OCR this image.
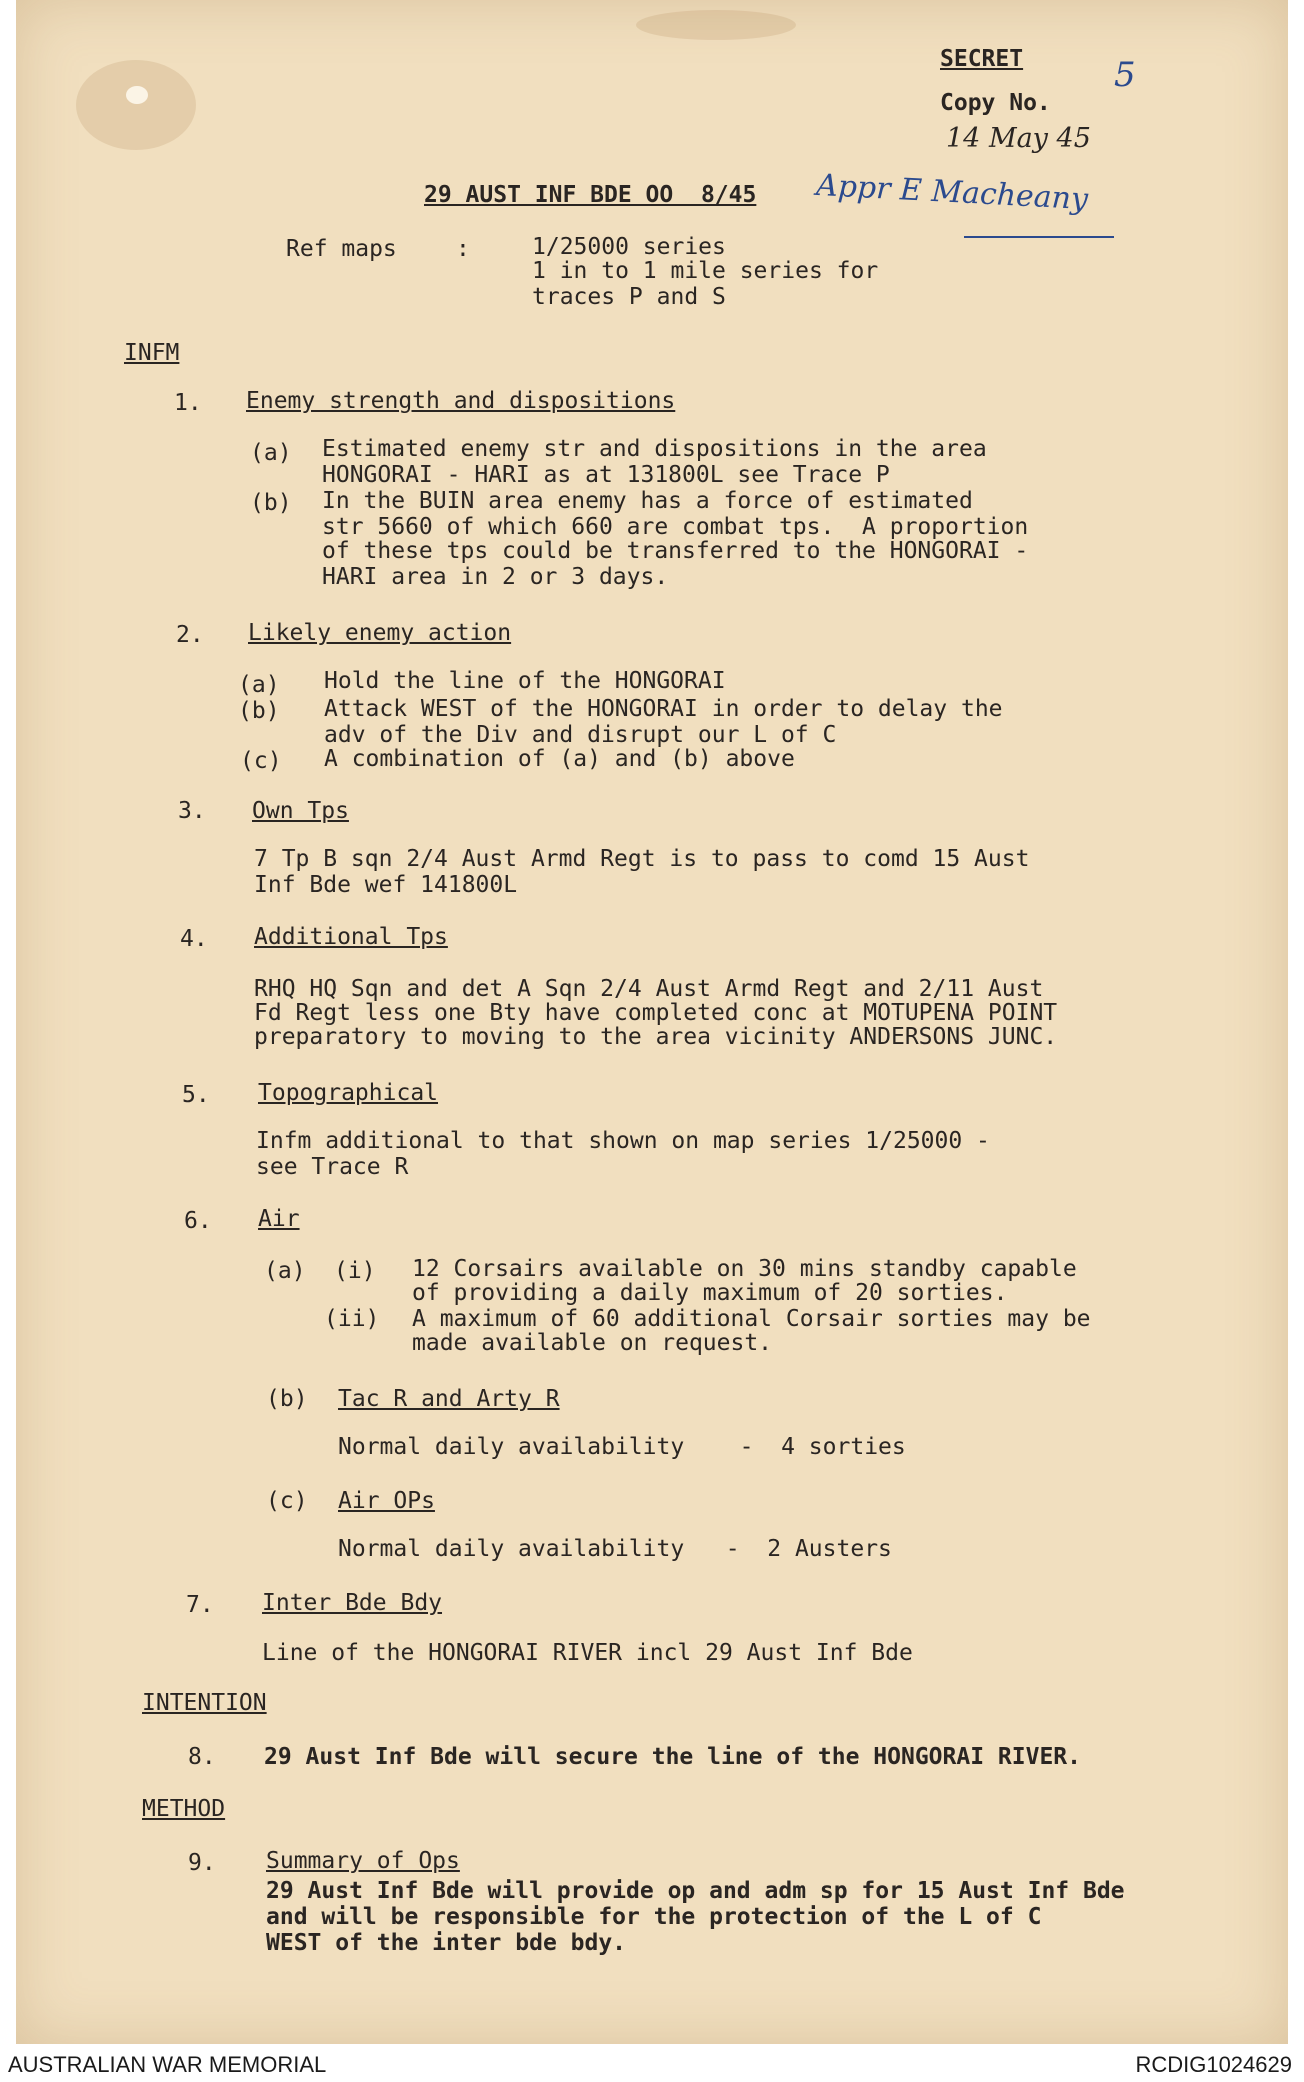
SECRET
Copy No.
5
14 May 45
29 AUST INF BDE OO  8/45 Appr E Macheany
Ref maps	:	1/25000 series
1 in to 1 mile series for
traces P and S
INFM
1. Enemy strength and dispositions
(a) Estimated enemy str and dispositions in the area
HONGORAI - HARI as at 131800L see Trace P
(b) In the BUIN area enemy has a force of estimated
str 5660 of which 660 are combat tps.  A proportion
of these tps could be transferred to the HONGORAI -
HARI area in 2 or 3 days.
2. Likely enemy action
(a) Hold the line of the HONGORAI
(b) Attack WEST of the HONGORAI in order to delay the
adv of the Div and disrupt our L of C
(c) A combination of (a) and (b) above
3. Own Tps
7 Tp B sqn 2/4 Aust Armd Regt is to pass to comd 15 Aust
Inf Bde wef 141800L
4. Additional Tps
RHQ HQ Sqn and det A Sqn 2/4 Aust Armd Regt and 2/11 Aust
Fd Regt less one Bty have completed conc at MOTUPENA POINT
preparatory to moving to the area vicinity ANDERSONS JUNC.
5. Topographical
Infm additional to that shown on map series 1/25000 -
see Trace R
6. Air
(a) (i) 12 Corsairs available on 30 mins standby capable
of providing a daily maximum of 20 sorties.
(ii) A maximum of 60 additional Corsair sorties may be
made available on request.
(b) Tac R and Arty R
Normal daily availability    -  4 sorties
(c) Air OPs
Normal daily availability   -  2 Austers
7. Inter Bde Bdy
Line of the HONGORAI RIVER incl 29 Aust Inf Bde
INTENTION
8. 29 Aust Inf Bde will secure the line of the HONGORAI RIVER.
METHOD
9. Summary of Ops
29 Aust Inf Bde will provide op and adm sp for 15 Aust Inf Bde
and will be responsible for the protection of the L of C
WEST of the inter bde bdy.
AUSTRALIAN WAR MEMORIAL	RCDIG1024629
